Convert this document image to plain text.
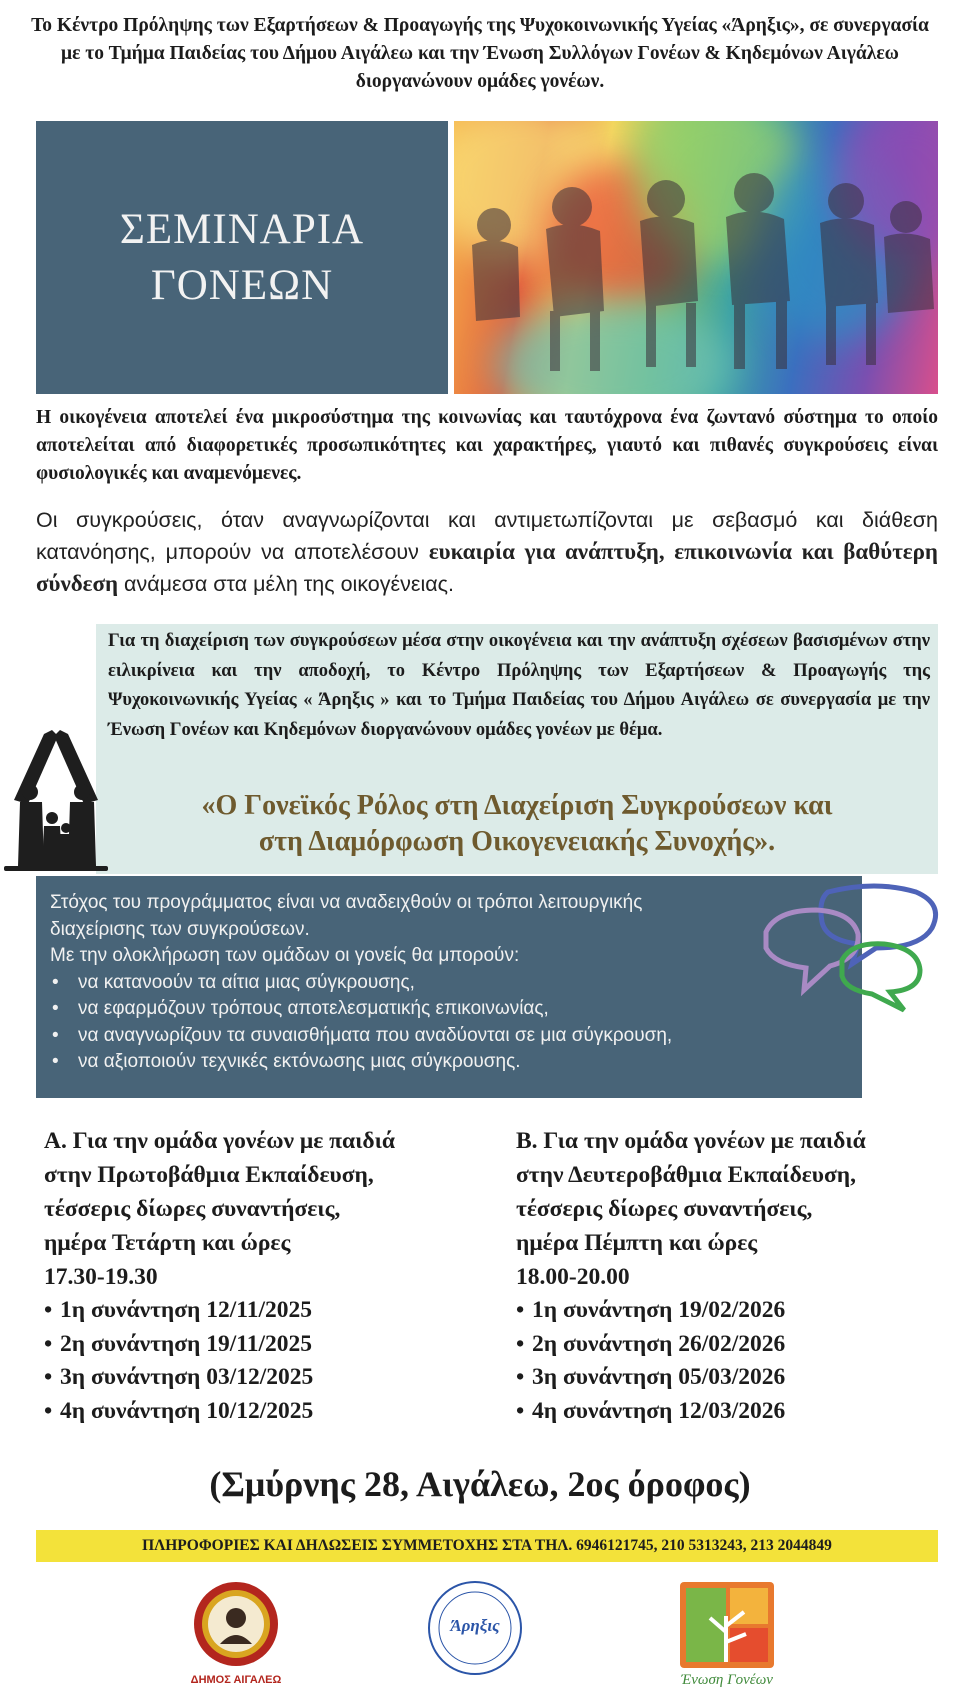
Το Κέντρο Πρόληψης των Εξαρτήσεων & Προαγωγής της Ψυχοκοινωνικής Υγείας «Άρηξις», σε συνεργασία με το Τμήμα Παιδείας του Δήμου Αιγάλεω και την Ένωση Συλλόγων Γονέων & Κηδεμόνων Αιγάλεω διοργανώνουν ομάδες γονέων.
ΣΕΜΙΝΑΡΙΑ
ΓΟΝΕΩΝ

Η οικογένεια αποτελεί ένα μικροσύστημα της κοινωνίας και ταυτόχρονα ένα ζωντανό σύστημα το οποίο αποτελείται από διαφορετικές προσωπικότητες και χαρακτήρες, γιαυτό και πιθανές συγκρούσεις είναι φυσιολογικές και αναμενόμενες.

Οι συγκρούσεις, όταν αναγνωρίζονται και αντιμετωπίζονται με σεβασμό και διάθεση κατανόησης, μπορούν να αποτελέσουν ευκαιρία για ανάπτυξη, επικοινωνία και βαθύτερη σύνδεση ανάμεσα στα μέλη της οικογένειας.

Για τη διαχείριση των συγκρούσεων μέσα στην οικογένεια και την ανάπτυξη σχέσεων βασισμένων στην ειλικρίνεια και την αποδοχή, το Κέντρο Πρόληψης των Εξαρτήσεων & Προαγωγής της Ψυχοκοινωνικής Υγείας « Άρηξις » και το Τμήμα Παιδείας του Δήμου Αιγάλεω σε συνεργασία με την Ένωση Γονέων και Κηδεμόνων διοργανώνουν ομάδες γονέων με θέμα.

«Ο Γονεϊκός Ρόλος στη Διαχείριση Συγκρούσεων και
στη Διαμόρφωση Οικογενειακής Συνοχής».
Στόχος του προγράμματος είναι να αναδειχθούν οι τρόποι λειτουργικής
διαχείρισης των συγκρούσεων.
Με την ολοκλήρωση των ομάδων οι γονείς θα μπορούν:
• να κατανοούν τα αίτια μιας σύγκρουσης,
• να εφαρμόζουν τρόπους αποτελεσματικής επικοινωνίας,
• να αναγνωρίζουν τα συναισθήματα που αναδύονται σε μια σύγκρουση,
• να αξιοποιούν τεχνικές εκτόνωσης μιας σύγκρουσης.
Α. Για την ομάδα γονέων με παιδιά
στην Πρωτοβάθμια Εκπαίδευση,
τέσσερις δίωρες συναντήσεις,
ημέρα Τετάρτη και ώρες
17.30-19.30
• 1η συνάντηση 12/11/2025
• 2η συνάντηση 19/11/2025
• 3η συνάντηση 03/12/2025
• 4η συνάντηση 10/12/2025
Β. Για την ομάδα γονέων με παιδιά
στην Δευτεροβάθμια Εκπαίδευση,
τέσσερις δίωρες συναντήσεις,
ημέρα Πέμπτη και ώρες
18.00-20.00
• 1η συνάντηση 19/02/2026
• 2η συνάντηση 26/02/2026
• 3η συνάντηση 05/03/2026
• 4η συνάντηση 12/03/2026
(Σμύρνης 28, Αιγάλεω, 2ος όροφος)
ΠΛΗΡΟΦΟΡΙΕΣ ΚΑΙ ΔΗΛΩΣΕΙΣ ΣΥΜΜΕΤΟΧΗΣ ΣΤΑ ΤΗΛ. 6946121745, 210 5313243, 213 2044849
ΔΗΜΟΣ ΑΙΓΑΛΕΩ
Άρηξις
Ένωση Γονέων
